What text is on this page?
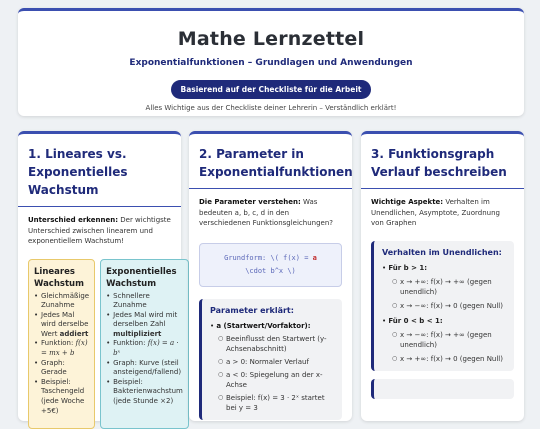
Mathe Lernzettel
Exponentialfunktionen – Grundlagen und Anwendungen
Basierend auf der Checkliste für die Arbeit
Alles Wichtige aus der Checkliste deiner Lehrerin – Verständlich erklärt!
1. Lineares vs. Exponentielles Wachstum
Unterschied erkennen: Der wichtigste Unterschied zwischen linearem und exponentiellem Wachstum!
Lineares Wachstum
• Gleichmäßige Zunahme
• Jedes Mal wird derselbe Wert addiert
• Funktion: f(x) = mx + b
• Graph: Gerade
• Beispiel: Taschengeld (jede Woche +5€)
Exponentielles Wachstum
• Schnellere Zunahme
• Jedes Mal wird mit derselben Zahl multipliziert
• Funktion: f(x) = a · bˣ
• Graph: Kurve (steil ansteigend/fallend)
• Beispiel: Bakterienwachstum (jede Stunde ×2)
2. Parameter in Exponentialfunktionen
Die Parameter verstehen: Was bedeuten a, b, c, d in den verschiedenen Funktionsgleichungen?
Grundform: \( f(x) = a
\cdot b^x \)
Parameter erklärt:
• a (Startwert/Vorfaktor):
○ Beeinflusst den Startwert (y-Achsenabschnitt)
○ a > 0: Normaler Verlauf
○ a < 0: Spiegelung an der x-Achse
○ Beispiel: f(x) = 3 · 2ˣ startet bei y = 3
3. Funktionsgraph Verlauf beschreiben
Wichtige Aspekte: Verhalten im Unendlichen, Asymptote, Zuordnung von Graphen
Verhalten im Unendlichen:
• Für b > 1:
○ x → +∞: f(x) → +∞ (gegen unendlich)
○ x → −∞: f(x) → 0 (gegen Null)
• Für 0 < b < 1:
○ x → −∞: f(x) → +∞ (gegen unendlich)
○ x → +∞: f(x) → 0 (gegen Null)
